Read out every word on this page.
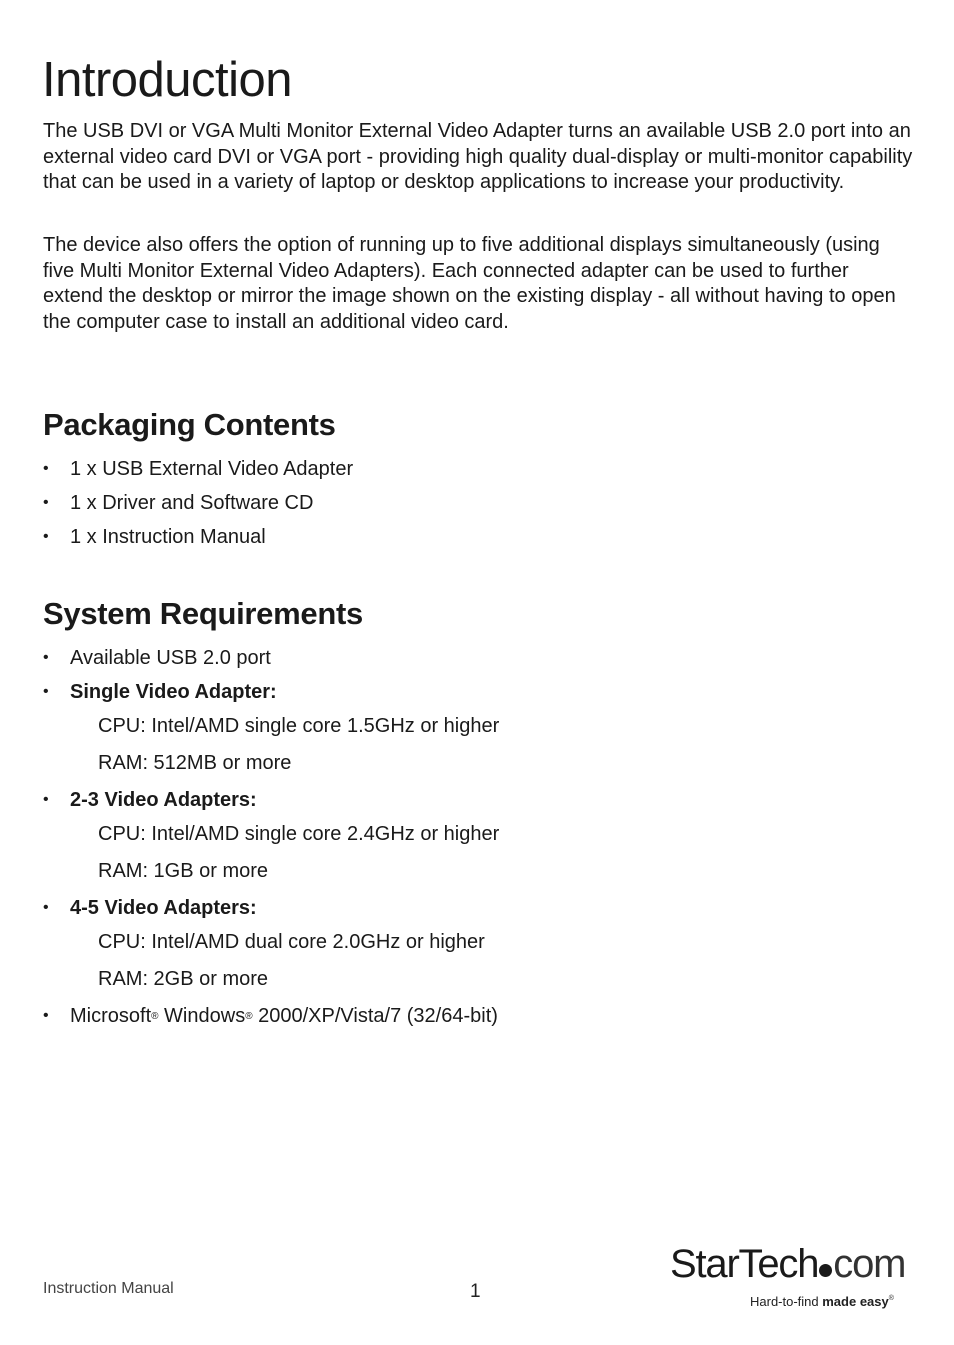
Introduction

The USB DVI or VGA Multi Monitor External Video Adapter turns an available USB 2.0 port into an external video card DVI or VGA port - providing high quality dual-display or multi-monitor capability that can be used in a variety of laptop or desktop applications to increase your productivity.

The device also offers the option of running up to five additional displays simultaneously (using five Multi Monitor External Video Adapters). Each connected adapter can be used to further extend the desktop or mirror the image shown on the existing display - all without having to open the computer case to install an additional video card.

Packaging Contents
• 1 x USB External Video Adapter
• 1 x Driver and Software CD
• 1 x Instruction Manual
System Requirements
• Available USB 2.0 port
• Single Video Adapter:
CPU: Intel/AMD single core 1.5GHz or higher
RAM: 512MB or more
• 2-3 Video Adapters:
CPU: Intel/AMD single core 2.4GHz or higher
RAM: 1GB or more
• 4-5 Video Adapters:
CPU: Intel/AMD dual core 2.0GHz or higher
RAM: 2GB or more
• Microsoft® Windows® 2000/XP/Vista/7 (32/64-bit)
Instruction Manual	1
StarTech com
Hard-to-find made easy®
